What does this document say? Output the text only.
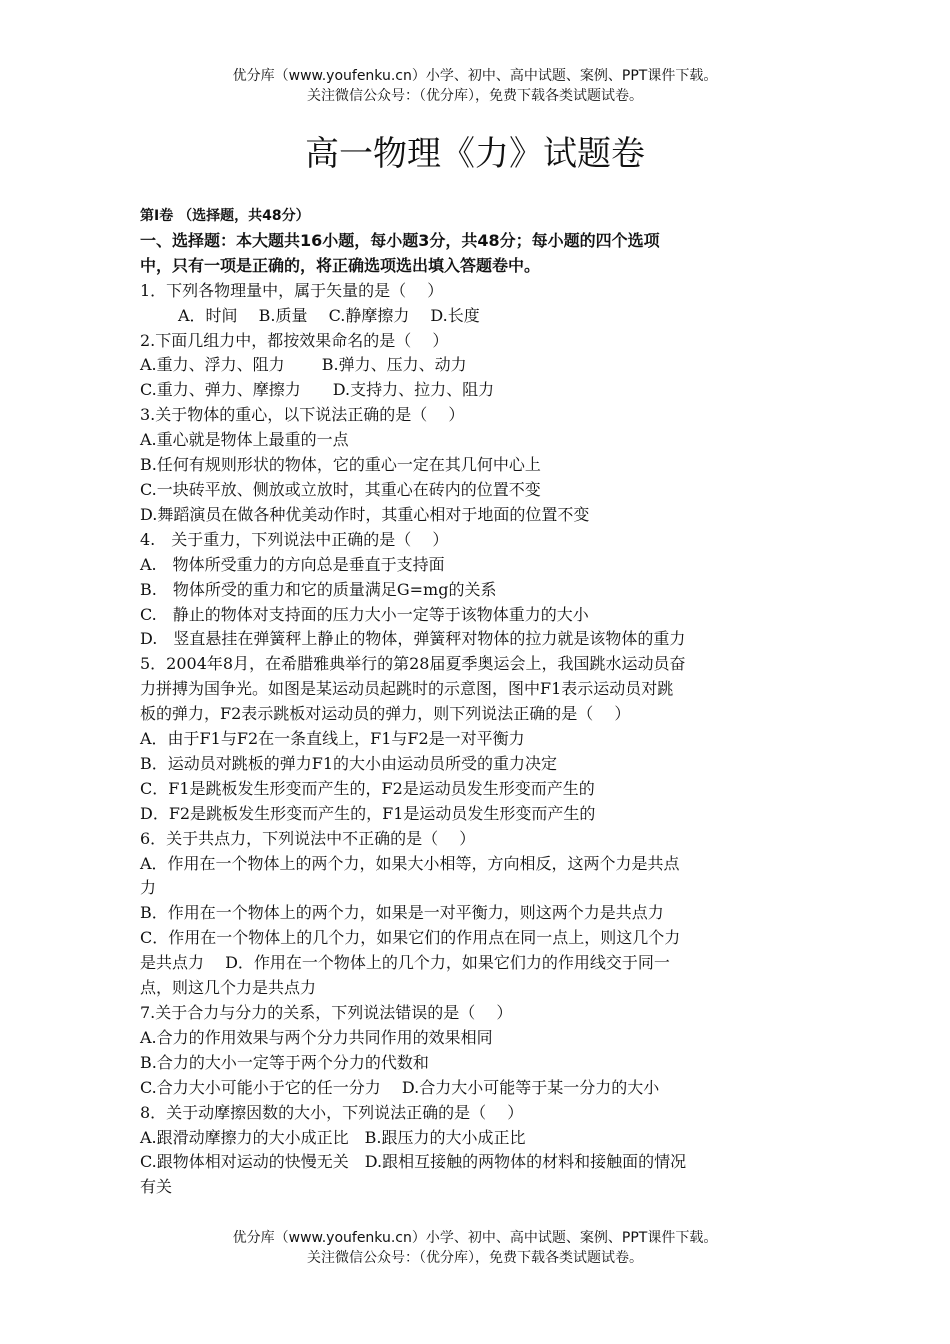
优分库（www.youfenku.cn）小学、初中、高中试题、案例、PPT课件下载。
关注微信公众号：（优分库），免费下载各类试题试卷。
高一物理《力》试题卷
第Ⅰ卷 （选择题，共48分）
一、选择题：本大题共16小题，每小题3分，共48分；每小题的四个选项
中，只有一项是正确的，将正确选项选出填入答题卷中。
1．下列各物理量中，属于矢量的是（　 ）
A．时间　 B.质量　 C.静摩擦力　 D.长度
2.下面几组力中，都按效果命名的是（　 ）
A.重力、浮力、阻力　　 B.弹力、压力、动力
C.重力、弹力、摩擦力　　D.支持力、拉力、阻力
3.关于物体的重心，以下说法正确的是（　 ）
A.重心就是物体上最重的一点
B.任何有规则形状的物体，它的重心一定在其几何中心上
C.一块砖平放、侧放或立放时，其重心在砖内的位置不变
D.舞蹈演员在做各种优美动作时，其重心相对于地面的位置不变
4.　关于重力，下列说法中正确的是（　 ）
A.　物体所受重力的方向总是垂直于支持面
B.　物体所受的重力和它的质量满足G=mg的关系
C.　静止的物体对支持面的压力大小一定等于该物体重力的大小
D.　竖直悬挂在弹簧秤上静止的物体，弹簧秤对物体的拉力就是该物体的重力
5．2004年8月，在希腊雅典举行的第28届夏季奥运会上，我国跳水运动员奋
力拼搏为国争光。如图是某运动员起跳时的示意图，图中F1表示运动员对跳
板的弹力，F2表示跳板对运动员的弹力，则下列说法正确的是（　 ）
A．由于F1与F2在一条直线上，F1与F2是一对平衡力
B．运动员对跳板的弹力F1的大小由运动员所受的重力决定
C．F1是跳板发生形变而产生的，F2是运动员发生形变而产生的
D．F2是跳板发生形变而产生的，F1是运动员发生形变而产生的
6．关于共点力，下列说法中不正确的是（　 ）
A．作用在一个物体上的两个力，如果大小相等，方向相反，这两个力是共点
力
B．作用在一个物体上的两个力，如果是一对平衡力，则这两个力是共点力
C．作用在一个物体上的几个力，如果它们的作用点在同一点上，则这几个力
是共点力　 D．作用在一个物体上的几个力，如果它们力的作用线交于同一
点，则这几个力是共点力
7.关于合力与分力的关系，下列说法错误的是（　 ）
A.合力的作用效果与两个分力共同作用的效果相同
B.合力的大小一定等于两个分力的代数和
C.合力大小可能小于它的任一分力　 D.合力大小可能等于某一分力的大小
8．关于动摩擦因数的大小，下列说法正确的是（　 ）
A.跟滑动摩擦力的大小成正比　B.跟压力的大小成正比
C.跟物体相对运动的快慢无关　D.跟相互接触的两物体的材料和接触面的情况
有关
优分库（www.youfenku.cn）小学、初中、高中试题、案例、PPT课件下载。
关注微信公众号：（优分库），免费下载各类试题试卷。
